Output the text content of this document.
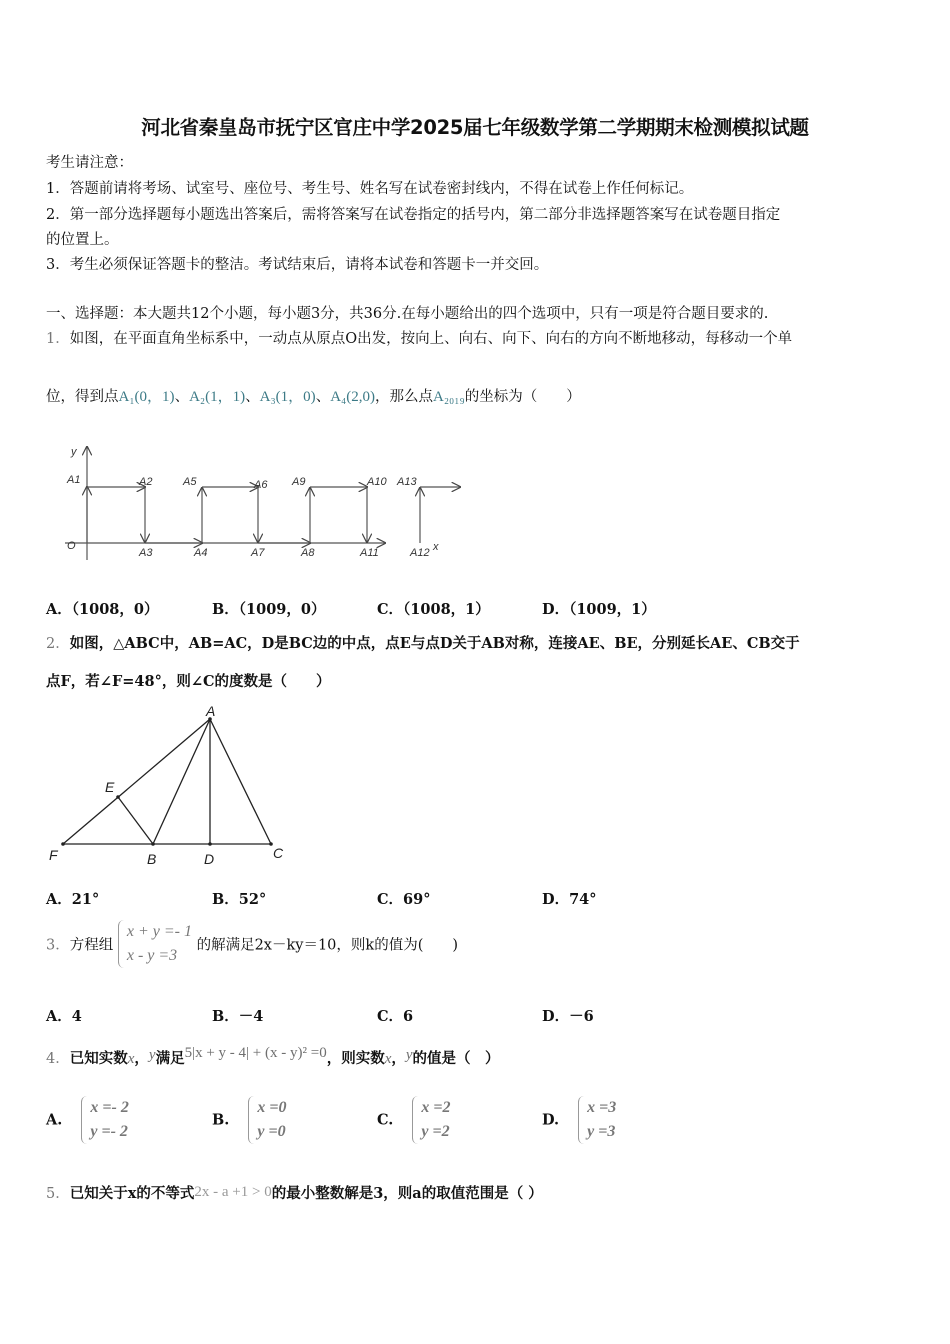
河北省秦皇岛市抚宁区官庄中学2025届七年级数学第二学期期末检测模拟试题
考生请注意：
1．答题前请将考场、试室号、座位号、考生号、姓名写在试卷密封线内，不得在试卷上作任何标记。
2．第一部分选择题每小题选出答案后，需将答案写在试卷指定的括号内，第二部分非选择题答案写在试卷题目指定
的位置上。
3．考生必须保证答题卡的整洁。考试结束后，请将本试卷和答题卡一并交回。
一、选择题：本大题共12个小题，每小题3分，共36分.在每小题给出的四个选项中，只有一项是符合题目要求的.
1．如图，在平面直角坐标系中，一动点从原点O出发，按向上、向右、向下、向右的方向不断地移动，每移动一个单
位，得到点A₁(0，1)、A₂(1，1)、A₃(1，0)、A₄(2,0)，那么点A₂₀₁₉的坐标为（　　）
y
x
O
A1	A2
A3	A4
A5	A6
A7	A8
A9	A10
A11	A12
A13
A．（1008，0）	B．（1009，0）	C．（1008，1）	D．（1009，1）
2．如图，△ABC中，AB=AC，D是BC边的中点，点E与点D关于AB对称，连接AE、BE，分别延长AE、CB交于
点F，若∠F=48°，则∠C的度数是（　　）
A
E
F	B	D	C
A．21°	B．52°	C．69°	D．74°
3．方程组
x + y =- 1
x - y =3
的解满足2x－ky＝10，则k的值为(　　)
A．4	B．－4	C．6	D．－6
4．已知实数x，y满足5|x + y - 4| + (x - y)² =0，则实数x，y的值是（　）
A.
x =- 2
y =- 2
B.
x =0
y =0
C.
x =2
y =2
D.
x =3
y =3
5．已知关于x的不等式2x - a +1 > 0的最小整数解是3，则a的取值范围是（ ）
